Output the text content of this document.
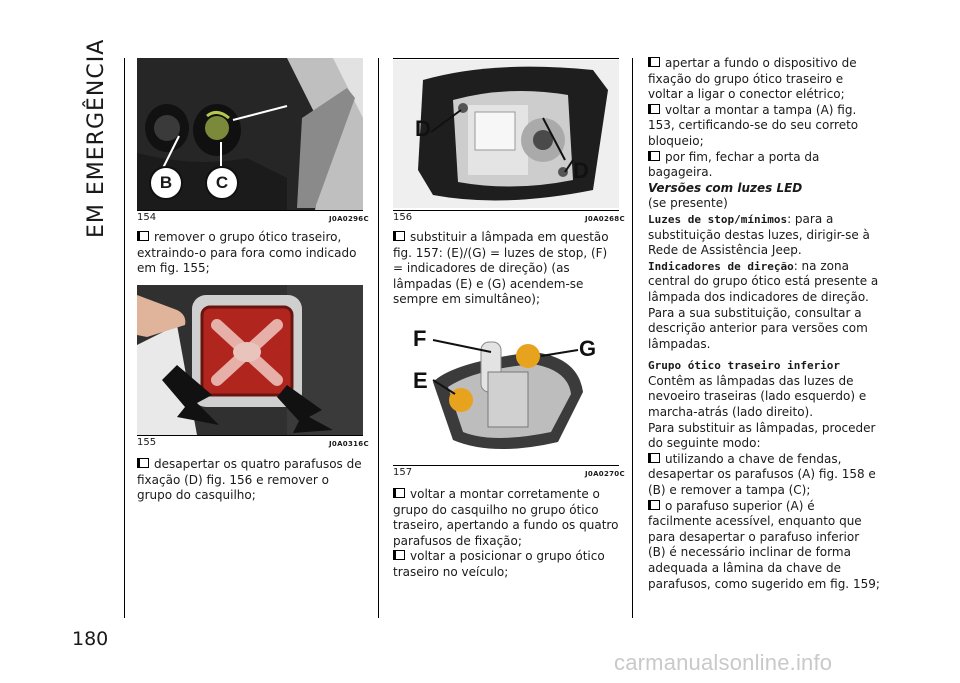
EM EMERGÊNCIA
180
B	C
154	J0A0296C

remover o grupo ótico traseiro, extraindo-o para fora como indicado em fig. 155;

155	J0A0316C

desapertar os quatro parafusos de fixação (D) fig. 156 e remover o grupo do casquilho;

D
D
156	J0A0268C

substituir a lâmpada em questão fig. 157: (E)/(G) = luzes de stop, (F) = indicadores de direção) (as lâmpadas (E) e (G) acendem-se sempre em simultâneo);

F	G
E
157	J0A0270C

voltar a montar corretamente o grupo do casquilho no grupo ótico traseiro, apertando a fundo os quatro parafusos de fixação;

voltar a posicionar o grupo ótico traseiro no veículo;

apertar a fundo o dispositivo de fixação do grupo ótico traseiro e voltar a ligar o conector elétrico;

voltar a montar a tampa (A) fig. 153, certificando-se do seu correto bloqueio;

por fim, fechar a porta da bagageira.

Versões com luzes LED

(se presente)

Luzes de stop/mínimos: para a substituição destas luzes, dirigir-se à Rede de Assistência Jeep.

Indicadores de direção: na zona central do grupo ótico está presente a lâmpada dos indicadores de direção. Para a sua substituição, consultar a descrição anterior para versões com lâmpadas.

Grupo ótico traseiro inferior

Contêm as lâmpadas das luzes de nevoeiro traseiras (lado esquerdo) e marcha-atrás (lado direito).

Para substituir as lâmpadas, proceder do seguinte modo:

utilizando a chave de fendas, desapertar os parafusos (A) fig. 158 e (B) e remover a tampa (C);

o parafuso superior (A) é facilmente acessível, enquanto que para desapertar o parafuso inferior (B) é necessário inclinar de forma adequada a lâmina da chave de parafusos, como sugerido em fig. 159;

carmanualsonline.info
